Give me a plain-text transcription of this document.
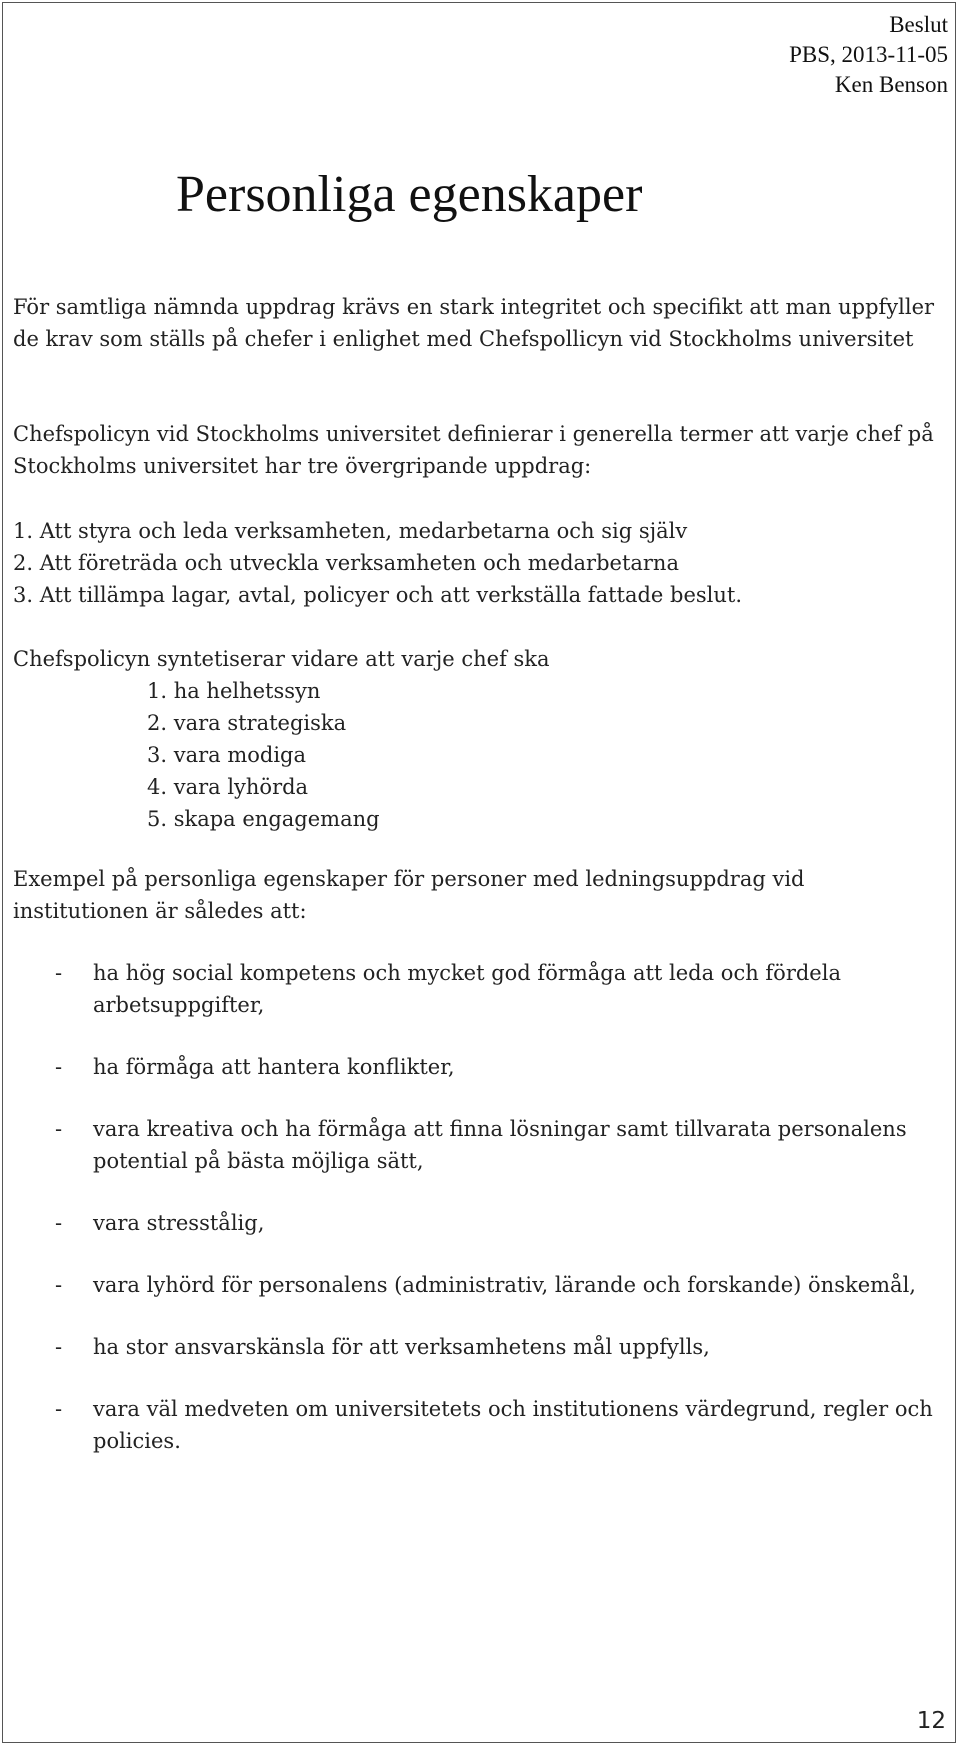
Beslut
PBS, 2013-11-05
Ken Benson
Personliga egenskaper

För samtliga nämnda uppdrag krävs en stark integritet och specifikt att man uppfyller de krav som ställs på chefer i enlighet med Chefspollicyn vid Stockholms universitet

Chefspolicyn vid Stockholms universitet definierar i generella termer att varje chef på Stockholms universitet har tre övergripande uppdrag:

1. Att styra och leda verksamheten, medarbetarna och sig själv
2. Att företräda och utveckla verksamheten och medarbetarna
3. Att tillämpa lagar, avtal, policyer och att verkställa fattade beslut.

Chefspolicyn syntetiserar vidare att varje chef ska

1. ha helhetssyn
2. vara strategiska
3. vara modiga
4. vara lyhörda
5. skapa engagemang

Exempel på personliga egenskaper för personer med ledningsuppdrag vid institutionen är således att:

- ha hög social kompetens och mycket god förmåga att leda och fördela arbetsuppgifter,
- ha förmåga att hantera konflikter,
- vara kreativa och ha förmåga att finna lösningar samt tillvarata personalens potential på bästa möjliga sätt,
- vara stresstålig,
- vara lyhörd för personalens (administrativ, lärande och forskande) önskemål,
- ha stor ansvarskänsla för att verksamhetens mål uppfylls,
- vara väl medveten om universitetets och institutionens värdegrund, regler och policies.
12
